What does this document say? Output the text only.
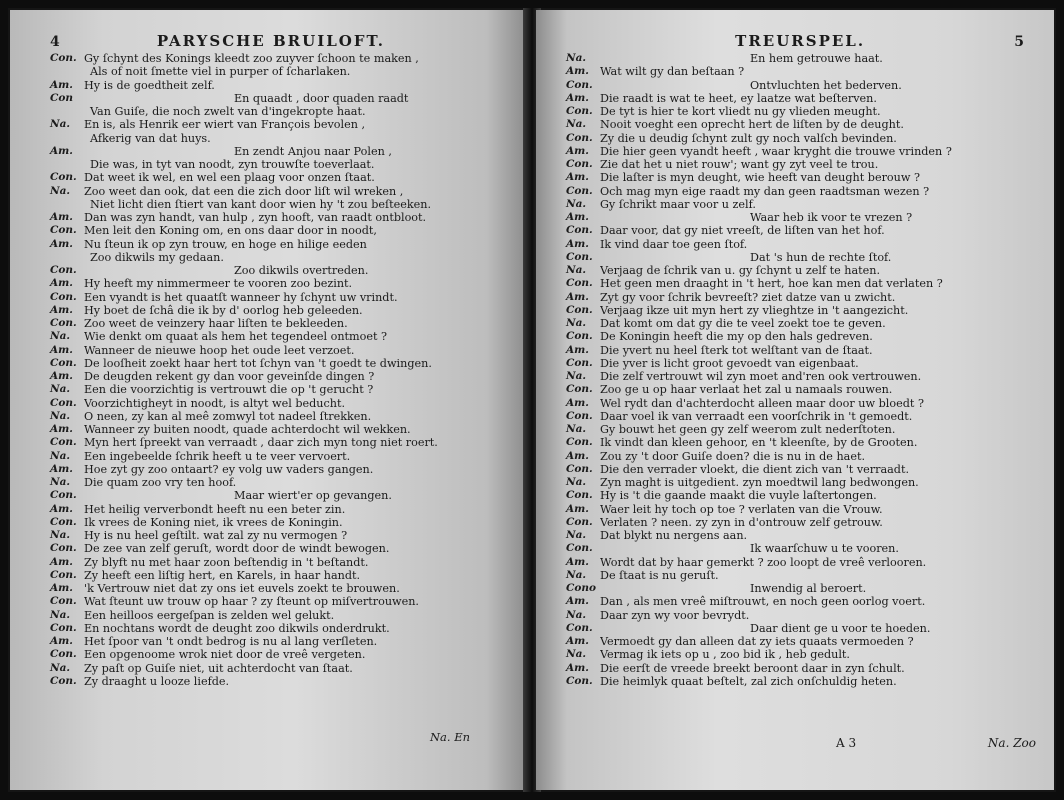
4	PARYSCHE BRUILOFT.
Con. Gy ſchynt des Konings kleedt zoo zuyver ſchoon te maken ,
Als of noit ſmette viel in purper of ſcharlaken.
Am. Hy is de goedtheit zelf.
Con	En quaadt , door quaden raadt
Van Guiſe, die noch zwelt van d'ingekropte haat.
Na.	En is, als Henrik eer wiert van François bevolen ,
Afkerig van dat huys.
Am.	En zendt Anjou naar Polen ,
Die was, in tyt van noodt, zyn trouwſte toeverlaat.
Con. Dat weet ik wel, en wel een plaag voor onzen ſtaat.
Na.	Zoo weet dan ook, dat een die zich door liſt wil wreken ,
Niet licht dien ſtiert van kant door wien hy 't zou beſteeken.
Am. Dan was zyn handt, van hulp , zyn hooft, van raadt ontbloot.
Con. Men leit den Koning om, en ons daar door in noodt,
Am. Nu ſteun ik op zyn trouw, en hoge en hilige eeden
Zoo dikwils my gedaan.
Con.	Zoo dikwils overtreden.
Am. Hy heeft my nimmermeer te vooren zoo bezint.
Con. Een vyandt is het quaatſt wanneer hy ſchynt uw vrindt.
Am. Hy boet de ſchâ die ik by d' oorlog heb geleeden.
Con. Zoo weet de veinzery haar liſten te bekleeden.
Na.	Wie denkt om quaat als hem het tegendeel ontmoet ?
Am. Wanneer de nieuwe hoop het oude leet verzoet.
Con. De looſheit zoekt haar hert tot ſchyn van 't goedt te dwingen.
Am. De deugden rekent gy dan voor geveinſde dingen ?
Na.	Een die voorzichtig is vertrouwt die op 't gerucht ?
Con. Voorzichtigheyt in noodt, is altyt wel beducht.
Na.	O neen, zy kan al meê zomwyl tot nadeel ſtrekken.
Am. Wanneer zy buiten noodt, quade achterdocht wil wekken.
Con. Myn hert ſpreekt van verraadt , daar zich myn tong niet roert.
Na.	Een ingebeelde ſchrik heeft u te veer vervoert.
Am. Hoe zyt gy zoo ontaart? ey volg uw vaders gangen.
Na.	Die quam zoo vry ten hoof.
Con.	Maar wiert'er op gevangen.
Am. Het heilig ververbondt heeft nu een beter zin.
Con. Ik vrees de Koning niet, ik vrees de Koningin.
Na.	Hy is nu heel geſtilt. wat zal zy nu vermogen ?
Con. De zee van zelf geruſt, wordt door de windt bewogen.
Am. Zy blyft nu met haar zoon beſtendig in 't beſtandt.
Con. Zy heeft een liſtig hert, en Karels, in haar handt.
Am. 'k Vertrouw niet dat zy ons iet euvels zoekt te brouwen.
Con. Wat ſteunt uw trouw op haar ? zy ſteunt op miſvertrouwen.
Na.	Een heilloos eergeſpan is zelden wel gelukt.
Con. En nochtans wordt de deught zoo dikwils onderdrukt.
Am. Het ſpoor van 't ondt bedrog is nu al lang verſleten.
Con. Een opgenoome wrok niet door de vreê vergeten.
Na.	Zy paſt op Guiſe niet, uit achterdocht van ſtaat.
Con. Zy draaght u looze liefde.
Na. En
TREURSPEL.	5
Na.	En hem getrouwe haat.
Am. Wat wilt gy dan beſtaan ?
Con.	Ontvluchten het bederven.
Am. Die raadt is wat te heet, ey laatze wat beſterven.
Con. De tyt is hier te kort vliedt nu gy vlieden meught.
Na.	Nooit voeght een oprecht hert de liſten by de deught.
Con. Zy die u deudig ſchynt zult gy noch valſch bevinden.
Am. Die hier geen vyandt heeft , waar kryght die trouwe vrinden ?
Con. Zie dat het u niet rouw'; want gy zyt veel te trou.
Am. Die laſter is myn deught, wie heeft van deught berouw ?
Con. Och mag myn eige raadt my dan geen raadtsman wezen ?
Na.	Gy ſchrikt maar voor u zelf.
Am.	Waar heb ik voor te vrezen ?
Con. Daar voor, dat gy niet vreeſt, de liſten van het hof.
Am. Ik vind daar toe geen ſtof.
Con.	Dat 's hun de rechte ſtof.
Na.	Verjaag de ſchrik van u. gy ſchynt u zelf te haten.
Con. Het geen men draaght in 't hert, hoe kan men dat verlaten ?
Am. Zyt gy voor ſchrik bevreeſt? ziet datze van u zwicht.
Con. Verjaag ikze uit myn hert zy vlieghtze in 't aangezicht.
Na.	Dat komt om dat gy die te veel zoekt toe te geven.
Con. De Koningin heeft die my op den hals gedreven.
Am. Die yvert nu heel ſterk tot welſtant van de ſtaat.
Con. Die yver is licht groot gevoedt van eigenbaat.
Na.	Die zelf vertrouwt wil zyn moet and'ren ook vertrouwen.
Con. Zoo ge u op haar verlaat het zal u namaals rouwen.
Am. Wel rydt dan d'achterdocht alleen maar door uw bloedt ?
Con. Daar voel ik van verraadt een voorſchrik in 't gemoedt.
Na.	Gy bouwt het geen gy zelf weerom zult nederſtoten.
Con. Ik vindt dan kleen gehoor, en 't kleenſte, by de Grooten.
Am. Zou zy 't door Guiſe doen? die is nu in de haet.
Con. Die den verrader vloekt, die dient zich van 't verraadt.
Na.	Zyn maght is uitgedient. zyn moedtwil lang bedwongen.
Con. Hy is 't die gaande maakt die vuyle laſtertongen.
Am. Waer leit hy toch op toe ? verlaten van die Vrouw.
Con. Verlaten ? neen. zy zyn in d'ontrouw zelf getrouw.
Na.	Dat blykt nu nergens aan.
Con.	Ik waarſchuw u te vooren.
Am. Wordt dat by haar gemerkt ? zoo loopt de vreê verlooren.
Na.	De ſtaat is nu geruſt.
Cono	Inwendig al beroert.
Am. Dan , als men vreê miſtrouwt, en noch geen oorlog voert.
Na.	Daar zyn wy voor bevrydt.
Con.	Daar dient ge u voor te hoeden.
Am. Vermoedt gy dan alleen dat zy iets quaats vermoeden ?
Na.	Vermag ik iets op u , zoo bid ik , heb gedult.
Am. Die eerſt de vreede breekt beroont daar in zyn ſchult.
Con. Die heimlyk quaat beſtelt, zal zich onſchuldig heten.
A 3	Na. Zoo
